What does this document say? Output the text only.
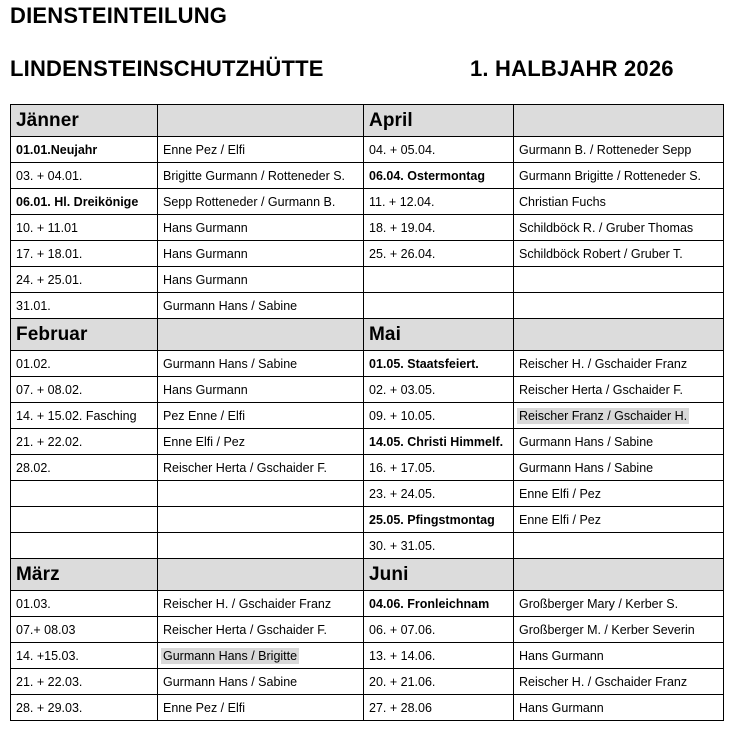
DIENSTEINTEILUNG
LINDENSTEINSCHUTZHÜTTE	1. HALBJAHR 2026
Jänner		April	
01.01.Neujahr	Enne Pez / Elfi	04. + 05.04.	Gurmann B. / Rotteneder Sepp
03. + 04.01.	Brigitte Gurmann / Rotteneder S.	06.04. Ostermontag	Gurmann Brigitte / Rotteneder S.
06.01. Hl. Dreikönige	Sepp Rotteneder / Gurmann B.	11. + 12.04.	Christian Fuchs
10. + 11.01	Hans Gurmann	18. + 19.04.	Schildböck R. / Gruber Thomas
17. + 18.01.	Hans Gurmann	25. + 26.04.	Schildböck Robert / Gruber T.
24. + 25.01.	Hans Gurmann		
31.01.	Gurmann Hans / Sabine		
Februar		Mai	
01.02.	Gurmann Hans / Sabine	01.05. Staatsfeiert.	Reischer H. / Gschaider Franz
07. + 08.02.	Hans Gurmann	02. + 03.05.	Reischer Herta / Gschaider F.
14. + 15.02. Fasching	Pez Enne / Elfi	09. + 10.05.	Reischer Franz / Gschaider H.
21. + 22.02.	Enne Elfi / Pez	14.05. Christi Himmelf.	Gurmann Hans / Sabine
28.02.	Reischer Herta / Gschaider F.	16. + 17.05.	Gurmann Hans / Sabine
		23. + 24.05.	Enne Elfi / Pez
		25.05. Pfingstmontag	Enne Elfi / Pez
		30. + 31.05.	
März		Juni	
01.03.	Reischer H. / Gschaider Franz	04.06. Fronleichnam	Großberger Mary / Kerber S.
07.+ 08.03	Reischer Herta / Gschaider F.	06. + 07.06.	Großberger M. / Kerber Severin
14. +15.03.	Gurmann Hans / Brigitte	13. + 14.06.	Hans Gurmann
21. + 22.03.	Gurmann Hans / Sabine	20. + 21.06.	Reischer H. / Gschaider Franz
28. + 29.03.	Enne Pez / Elfi	27. + 28.06	Hans Gurmann
